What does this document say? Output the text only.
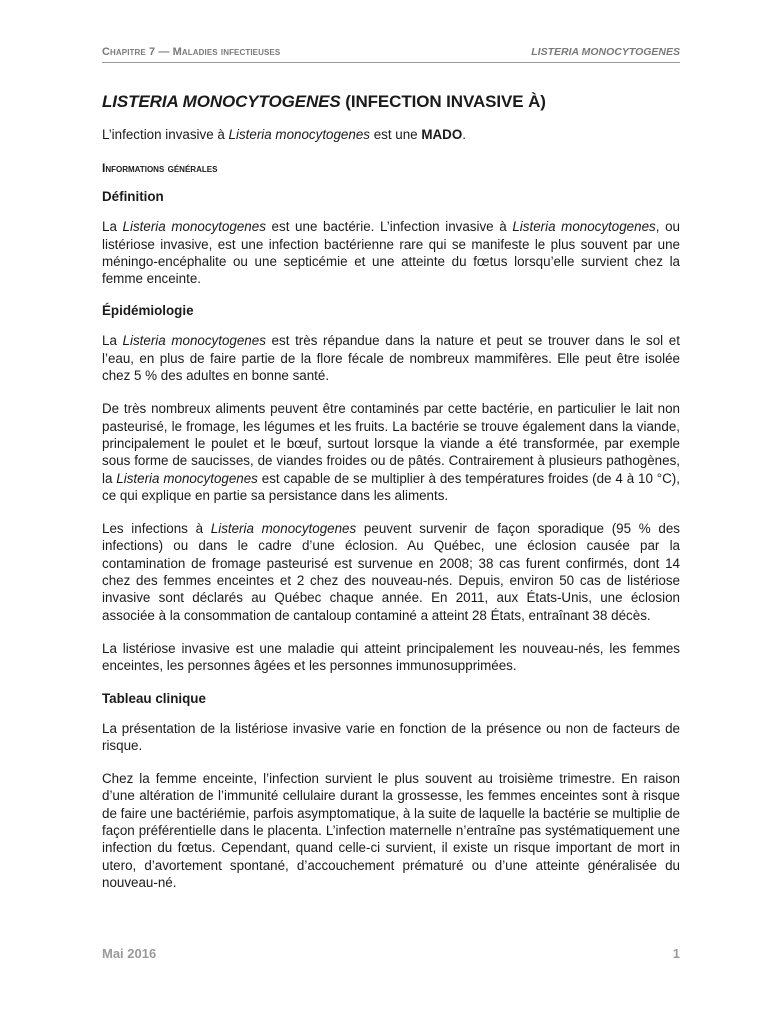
Chapitre 7 — Maladies infectieuses	LISTERIA MONOCYTOGENES
LISTERIA MONOCYTOGENES (INFECTION INVASIVE À)

L’infection invasive à Listeria monocytogenes est une MADO.

Informations générales
Définition

La Listeria monocytogenes est une bactérie. L’infection invasive à Listeria monocytogenes, ou listériose invasive, est une infection bactérienne rare qui se manifeste le plus souvent par une méningo-encéphalite ou une septicémie et une atteinte du fœtus lorsqu’elle survient chez la femme enceinte.

Épidémiologie

La Listeria monocytogenes est très répandue dans la nature et peut se trouver dans le sol et l’eau, en plus de faire partie de la flore fécale de nombreux mammifères. Elle peut être isolée chez 5 % des adultes en bonne santé.

De très nombreux aliments peuvent être contaminés par cette bactérie, en particulier le lait non pasteurisé, le fromage, les légumes et les fruits. La bactérie se trouve également dans la viande, principalement le poulet et le bœuf, surtout lorsque la viande a été transformée, par exemple sous forme de saucisses, de viandes froides ou de pâtés. Contrairement à plusieurs pathogènes, la Listeria monocytogenes est capable de se multiplier à des températures froides (de 4 à 10 °C), ce qui explique en partie sa persistance dans les aliments.

Les infections à Listeria monocytogenes peuvent survenir de façon sporadique (95 % des infections) ou dans le cadre d’une éclosion. Au Québec, une éclosion causée par la contamination de fromage pasteurisé est survenue en 2008; 38 cas furent confirmés, dont 14 chez des femmes enceintes et 2 chez des nouveau-nés. Depuis, environ 50 cas de listériose invasive sont déclarés au Québec chaque année. En 2011, aux États-Unis, une éclosion associée à la consommation de cantaloup contaminé a atteint 28 États, entraînant 38 décès.

La listériose invasive est une maladie qui atteint principalement les nouveau-nés, les femmes enceintes, les personnes âgées et les personnes immunosupprimées.

Tableau clinique

La présentation de la listériose invasive varie en fonction de la présence ou non de facteurs de risque.

Chez la femme enceinte, l’infection survient le plus souvent au troisième trimestre. En raison d’une altération de l’immunité cellulaire durant la grossesse, les femmes enceintes sont à risque de faire une bactériémie, parfois asymptomatique, à la suite de laquelle la bactérie se multiplie de façon préférentielle dans le placenta. L’infection maternelle n’entraîne pas systématiquement une infection du fœtus. Cependant, quand celle-ci survient, il existe un risque important de mort in utero, d’avortement spontané, d’accouchement prématuré ou d’une atteinte généralisée du nouveau-né.

Mai 2016	1
